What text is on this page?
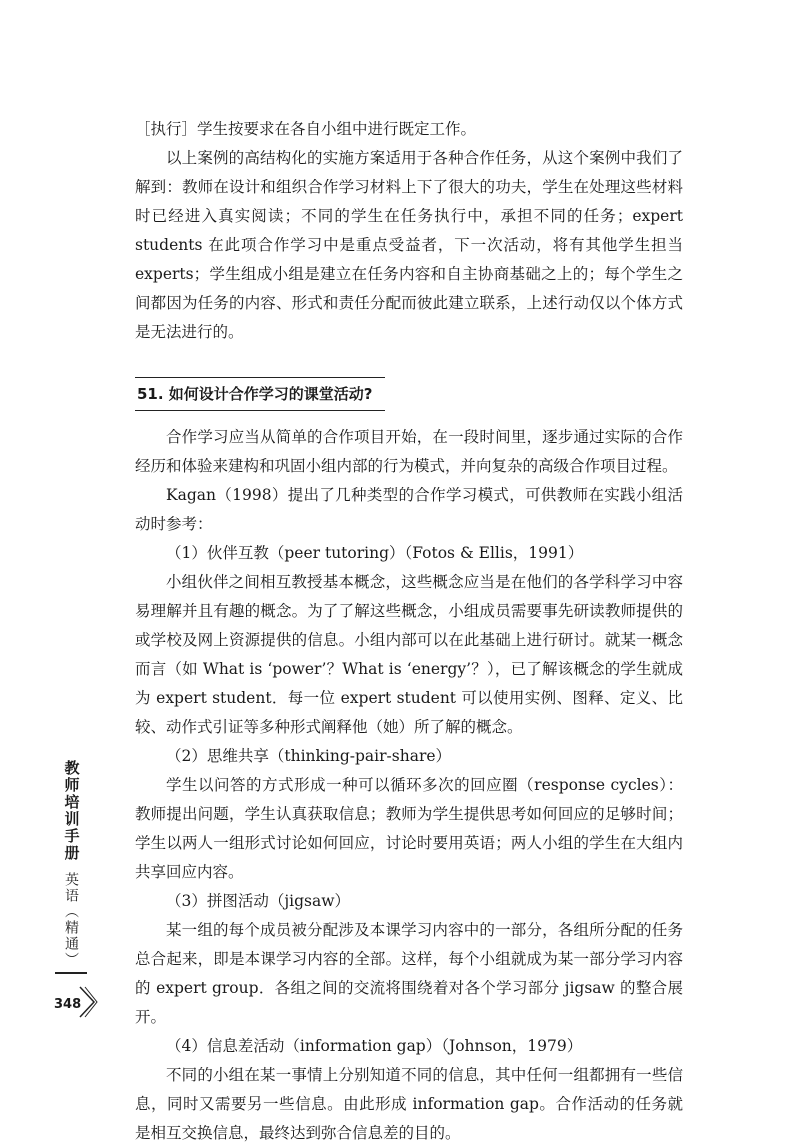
［执行］学生按要求在各自小组中进行既定工作。

以上案例的高结构化的实施方案适用于各种合作任务，从这个案例中我们了解到：教师在设计和组织合作学习材料上下了很大的功夫，学生在处理这些材料时已经进入真实阅读；不同的学生在任务执行中，承担不同的任务；expert students 在此项合作学习中是重点受益者，下一次活动，将有其他学生担当 experts；学生组成小组是建立在任务内容和自主协商基础之上的；每个学生之间都因为任务的内容、形式和责任分配而彼此建立联系，上述行动仅以个体方式是无法进行的。

51. 如何设计合作学习的课堂活动?

合作学习应当从简单的合作项目开始，在一段时间里，逐步通过实际的合作经历和体验来建构和巩固小组内部的行为模式，并向复杂的高级合作项目过程。

Kagan（1998）提出了几种类型的合作学习模式，可供教师在实践小组活动时参考：

（1）伙伴互教（peer tutoring）（Fotos & Ellis，1991）

小组伙伴之间相互教授基本概念，这些概念应当是在他们的各学科学习中容易理解并且有趣的概念。为了了解这些概念，小组成员需要事先研读教师提供的或学校及网上资源提供的信息。小组内部可以在此基础上进行研讨。就某一概念而言（如 What is ‘power’？What is ‘energy’？），已了解该概念的学生就成为 expert student．每一位 expert student 可以使用实例、图释、定义、比较、动作式引证等多种形式阐释他（她）所了解的概念。

（2）思维共享（thinking-pair-share）

学生以问答的方式形成一种可以循环多次的回应圈（response cycles）：教师提出问题，学生认真获取信息；教师为学生提供思考如何回应的足够时间；学生以两人一组形式讨论如何回应，讨论时要用英语；两人小组的学生在大组内共享回应内容。

（3）拼图活动（jigsaw）

某一组的每个成员被分配涉及本课学习内容中的一部分，各组所分配的任务总合起来，即是本课学习内容的全部。这样，每个小组就成为某一部分学习内容的 expert group．各组之间的交流将围绕着对各个学习部分 jigsaw 的整合展开。

（4）信息差活动（information gap）（Johnson，1979）

不同的小组在某一事情上分别知道不同的信息，其中任何一组都拥有一些信息，同时又需要另一些信息。由此形成 information gap。合作活动的任务就是相互交换信息，最终达到弥合信息差的目的。

教师培训手册
英语（精通）
348
